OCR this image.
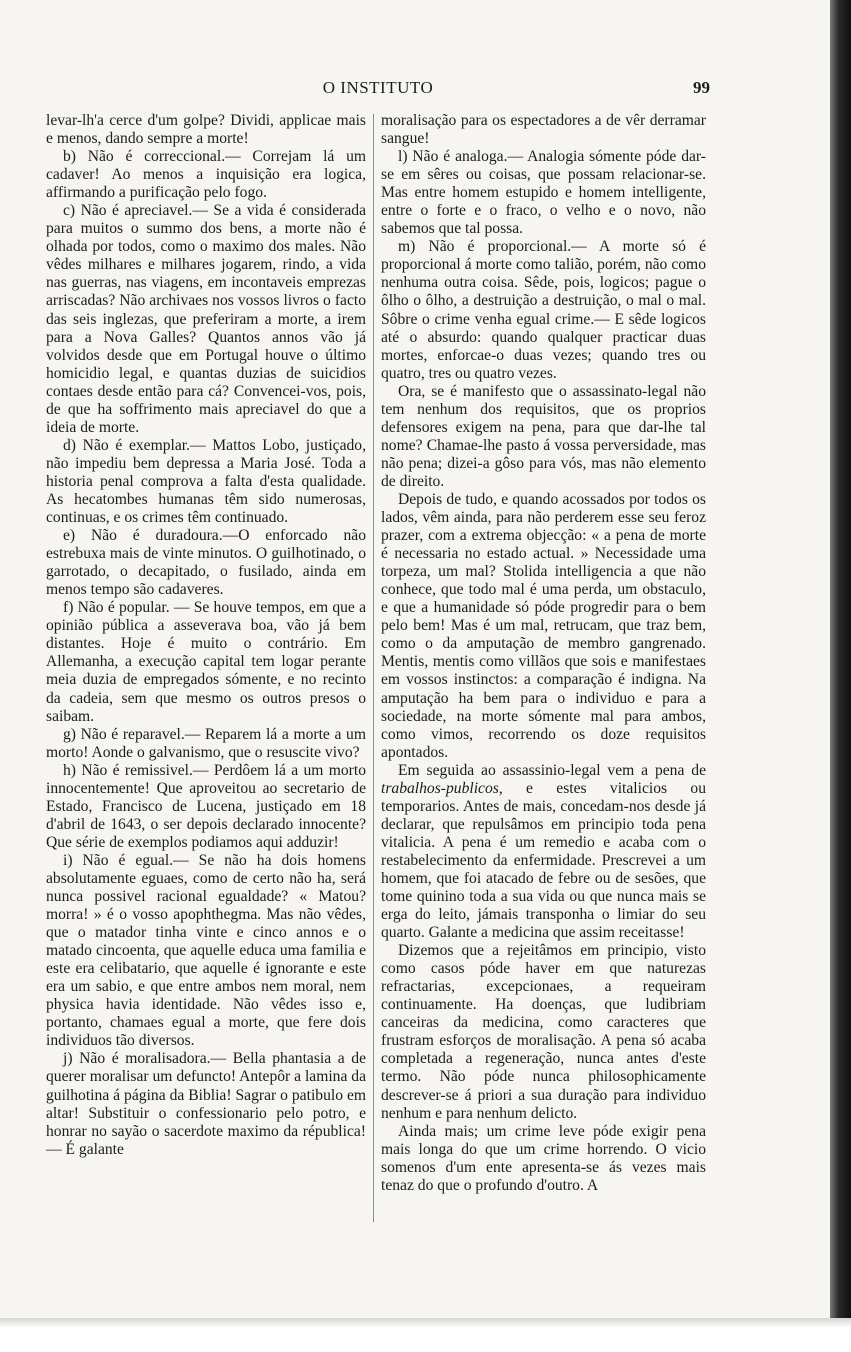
O INSTITUTO	99

levar-lh'a cerce d'um golpe? Dividi, applicae mais e menos, dando sempre a morte!

b) Não é correccional.— Correjam lá um cadaver! Ao menos a inquisição era logica, affirmando a purificação pelo fogo.

c) Não é apreciavel.— Se a vida é considerada para muitos o summo dos bens, a morte não é olhada por todos, como o maximo dos males. Não vêdes milhares e milhares jogarem, rindo, a vida nas guerras, nas viagens, em incontaveis emprezas arriscadas? Não archivaes nos vossos livros o facto das seis inglezas, que preferiram a morte, a irem para a Nova Galles? Quantos annos vão já volvidos desde que em Portugal houve o último homicidio legal, e quantas duzias de suicidios contaes desde então para cá? Convencei-vos, pois, de que ha soffrimento mais apreciavel do que a ideia de morte.

d) Não é exemplar.— Mattos Lobo, justiçado, não impediu bem depressa a Maria José. Toda a historia penal comprova a falta d'esta qualidade. As hecatombes humanas têm sido numerosas, continuas, e os crimes têm continuado.

e) Não é duradoura.—O enforcado não estrebuxa mais de vinte minutos. O guilhotinado, o garrotado, o decapitado, o fusilado, ainda em menos tempo são cadaveres.

f) Não é popular. — Se houve tempos, em que a opinião pública a asseverava boa, vão já bem distantes. Hoje é muito o contrário. Em Allemanha, a execução capital tem logar perante meia duzia de empregados sómente, e no recinto da cadeia, sem que mesmo os outros presos o saibam.

g) Não é reparavel.— Reparem lá a morte a um morto! Aonde o galvanismo, que o resuscite vivo?

h) Não é remissivel.— Perdôem lá a um morto innocentemente! Que aproveitou ao secretario de Estado, Francisco de Lucena, justiçado em 18 d'abril de 1643, o ser depois declarado innocente? Que série de exemplos podiamos aqui adduzir!

i) Não é egual.— Se não ha dois homens absolutamente eguaes, como de certo não ha, será nunca possivel racional egualdade? « Matou? morra! » é o vosso apophthegma. Mas não vêdes, que o matador tinha vinte e cinco annos e o matado cincoenta, que aquelle educa uma familia e este era celibatario, que aquelle é ignorante e este era um sabio, e que entre ambos nem moral, nem physica havia identidade. Não vêdes isso e, portanto, chamaes egual a morte, que fere dois individuos tão diversos.

j) Não é moralisadora.— Bella phantasia a de querer moralisar um defuncto! Antepôr a lamina da guilhotina á página da Biblia! Sagrar o patibulo em altar! Substituir o confessionario pelo potro, e honrar no sayão o sacerdote maximo da républica! — É galante

moralisação para os espectadores a de vêr derramar sangue!

l) Não é analoga.— Analogia sómente póde dar-se em sêres ou coisas, que possam relacionar-se. Mas entre homem estupido e homem intelligente, entre o forte e o fraco, o velho e o novo, não sabemos que tal possa.

m) Não é proporcional.— A morte só é proporcional á morte como talião, porém, não como nenhuma outra coisa. Sêde, pois, logicos; pague o ôlho o ôlho, a destruição a destruição, o mal o mal. Sôbre o crime venha egual crime.— E sêde logicos até o absurdo: quando qualquer practicar duas mortes, enforcae-o duas vezes; quando tres ou quatro, tres ou quatro vezes.

Ora, se é manifesto que o assassinato-legal não tem nenhum dos requisitos, que os proprios defensores exigem na pena, para que dar-lhe tal nome? Chamae-lhe pasto á vossa perversidade, mas não pena; dizei-a gôso para vós, mas não elemento de direito.

Depois de tudo, e quando acossados por todos os lados, vêm ainda, para não perderem esse seu feroz prazer, com a extrema objecção: « a pena de morte é necessaria no estado actual. » Necessidade uma torpeza, um mal? Stolida intelligencia a que não conhece, que todo mal é uma perda, um obstaculo, e que a humanidade só póde progredir para o bem pelo bem! Mas é um mal, retrucam, que traz bem, como o da amputação de membro gangrenado. Mentis, mentis como villãos que sois e manifestaes em vossos instinctos: a comparação é indigna. Na amputação ha bem para o individuo e para a sociedade, na morte sómente mal para ambos, como vimos, recorrendo os doze requisitos apontados.

Em seguida ao assassinio-legal vem a pena de trabalhos-publicos, e estes vitalicios ou temporarios. Antes de mais, concedam-nos desde já declarar, que repulsâmos em principio toda pena vitalicia. A pena é um remedio e acaba com o restabelecimento da enfermidade. Prescrevei a um homem, que foi atacado de febre ou de sesões, que tome quinino toda a sua vida ou que nunca mais se erga do leito, jámais transponha o limiar do seu quarto. Galante a medicina que assim receitasse!

Dizemos que a rejeitâmos em principio, visto como casos póde haver em que naturezas refractarias, excepcionaes, a requeiram continuamente. Ha doenças, que ludibriam canceiras da medicina, como caracteres que frustram esforços de moralisação. A pena só acaba completada a regeneração, nunca antes d'este termo. Não póde nunca philosophicamente descrever-se á priori a sua duração para individuo nenhum e para nenhum delicto.

Ainda mais; um crime leve póde exigir pena mais longa do que um crime horrendo. O vicio somenos d'um ente apresenta-se ás vezes mais tenaz do que o profundo d'outro. A
